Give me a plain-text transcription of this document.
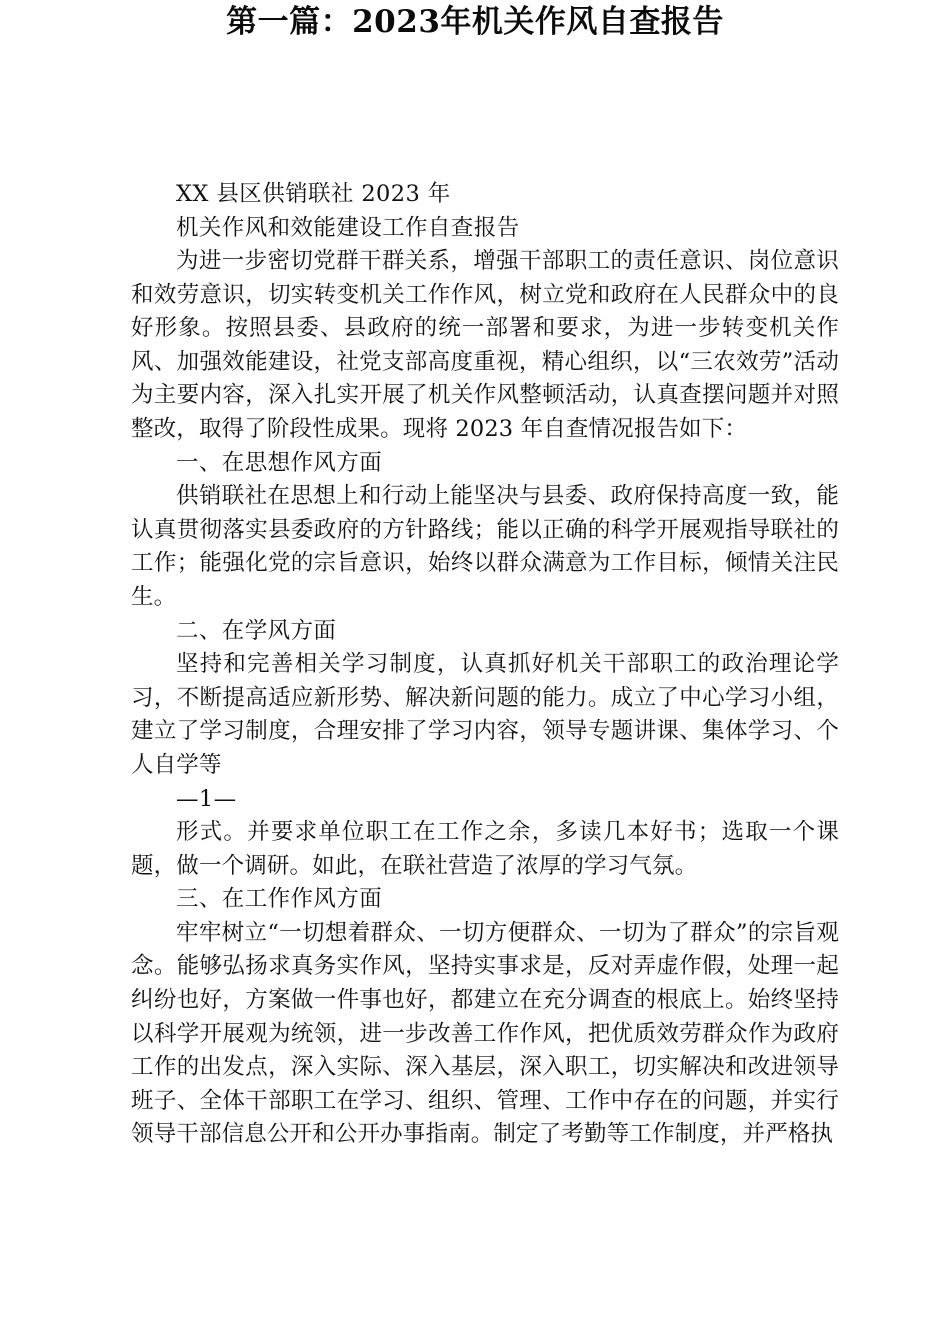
第一篇：2023年机关作风自查报告
XX 县区供销联社 2023 年
机关作风和效能建设工作自查报告

为进一步密切党群干群关系，增强干部职工的责任意识、岗位意识和效劳意识，切实转变机关工作作风，树立党和政府在人民群众中的良好形象。按照县委、县政府的统一部署和要求，为进一步转变机关作风、加强效能建设，社党支部高度重视，精心组织，以“三农效劳”活动为主要内容，深入扎实开展了机关作风整顿活动，认真查摆问题并对照整改，取得了阶段性成果。现将 2023 年自查情况报告如下：

一、在思想作风方面

供销联社在思想上和行动上能坚决与县委、政府保持高度一致，能认真贯彻落实县委政府的方针路线；能以正确的科学开展观指导联社的工作；能强化党的宗旨意识，始终以群众满意为工作目标，倾情关注民生。

二、在学风方面

坚持和完善相关学习制度，认真抓好机关干部职工的政治理论学习，不断提高适应新形势、解决新问题的能力。成立了中心学习小组，建立了学习制度，合理安排了学习内容，领导专题讲课、集体学习、个人自学等

—1—

形式。并要求单位职工在工作之余，多读几本好书；选取一个课题，做一个调研。如此，在联社营造了浓厚的学习气氛。

三、在工作作风方面

牢牢树立“一切想着群众、一切方便群众、一切为了群众”的宗旨观念。能够弘扬求真务实作风，坚持实事求是，反对弄虚作假，处理一起纠纷也好，方案做一件事也好，都建立在充分调查的根底上。始终坚持以科学开展观为统领，进一步改善工作作风，把优质效劳群众作为政府工作的出发点，深入实际、深入基层，深入职工，切实解决和改进领导班子、全体干部职工在学习、组织、管理、工作中存在的问题，并实行领导干部信息公开和公开办事指南。制定了考勤等工作制度，并严格执
